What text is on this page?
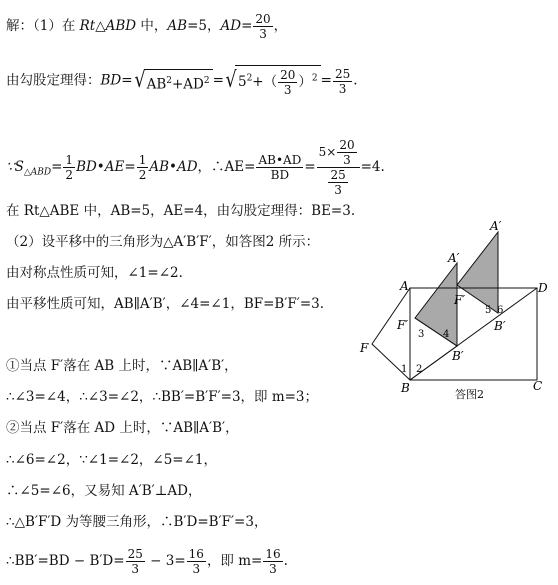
解：（1）在 Rt△ABD 中，AB=5，$AD= \frac{20}{3}$ ，
由勾股定理得：$BD=√AB^2+AD^2 =√5^2+( \frac{20}{3} )^2 = \frac{25}{3}$ .
$\because S_{\triangle ABD}= \frac{1}{2}$ BD•AE= $\frac{1}{2}$ AB•AD，∴AE= $\frac{AB•AD}{BD} = \frac{5\times \frac{20}{3}}{\frac{25}{3}} =4$.
在 Rt△ABE 中，AB=5，AE=4，由勾股定理得：BE=3.
（2）设平移中的三角形为△A′B′F′，如答图2 所示：
由对称点性质可知，∠1=∠2.
由平移性质可知，AB∥A′B′，∠4=∠1，BF=B′F′=3.
①当点 F′落在 AB 上时，∵AB∥A′B′，
∴∠3=∠4，∴∠3=∠2，∴BB′=B′F′=3，即 m=3；
②当点 F′落在 AD 上时，∵AB∥A′B′，
∴∠6=∠2，∵∠1=∠2，∠5=∠1，
∴∠5=∠6，又易知 A′B′⊥AD，
∴△B′F′D 为等腰三角形，∴B′D=B′F′=3，
∴BB′=BD − $B'D= \frac{25}{3} - 3= \frac{16}{3}$ ，即 $m= \frac{16}{3}$ .
A
B	C
D
F
A′
A′
F′
F′
B′
B′
1 2
3 4
5 6
答图2
